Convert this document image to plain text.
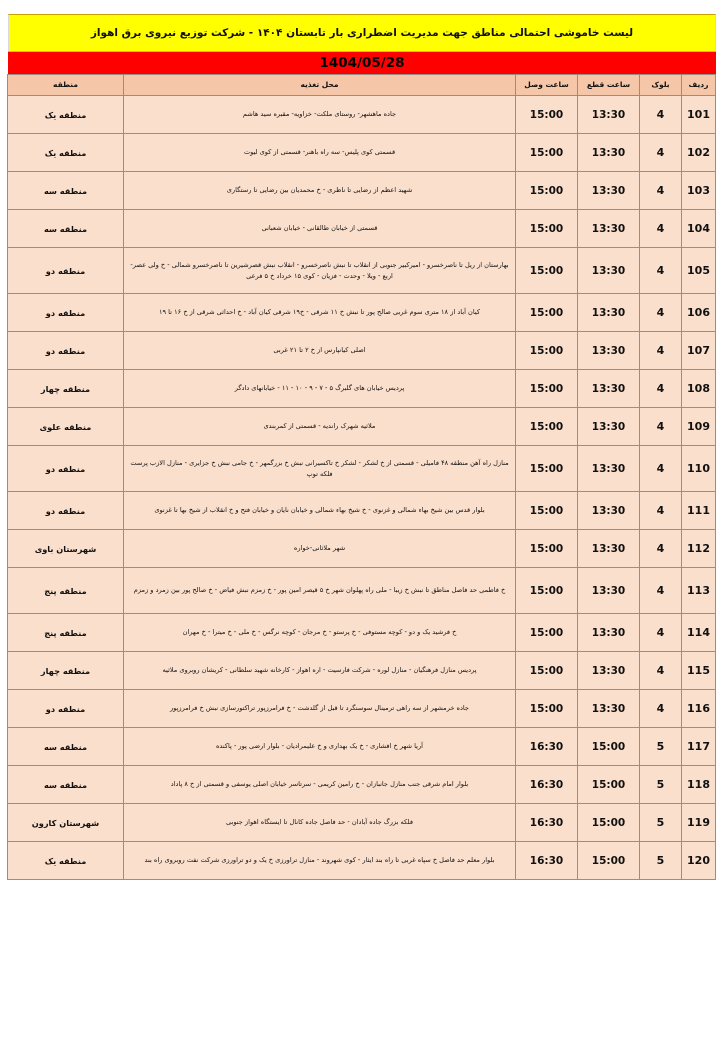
لیست خاموشی احتمالی مناطق جهت مدیریت اضطراری بار تابستان ۱۴۰۴ - شرکت توزیع نیروی برق اهواز
1404/05/28
ردیف	بلوک	ساعت قطع	ساعت وصل	محل تغذیه	منطقه
101	4	13:30	15:00	جاده ماهشهر- روستای ملکت- خزاویه- مقبره سید هاشم	منطقه یک
102	4	13:30	15:00	قسمتی کوی پلیس- سه راه باهنر- قسمتی از کوی لیوت	منطقه یک
103	4	13:30	15:00	شهید اعظم از رضایی تا ناظری - خ محمدیان بین رضایی تا رستگاری	منطقه سه
104	4	13:30	15:00	قسمتی از خیابان طالقانی - خیابان شعبانی	منطقه سه
105	4	13:30	15:00	بهارستان از ریل تا ناصرخسرو - امیرکبیر جنوبی از انقلاب تا نبش ناصرخسرو - انقلاب نبش قصرشیرین تا ناصرخسرو شمالی - خ ولی عصر- اربع - ویلا - وحدت - فزیان - کوی ۱۵ خرداد خ ۵ فرعی	منطقه دو
106	4	13:30	15:00	کیان آباد از ۱۸ متری سوم غربی صالح پور تا نبش خ ۱۱ شرقی - خ۱۹ شرقی کیان آباد - خ احداثی شرقی از خ ۱۶ تا ۱۹	منطقه دو
107	4	13:30	15:00	اصلی کیانپارس از خ ۲ تا ۲۱ غربی	منطقه دو
108	4	13:30	15:00	پردیس خیابان های گلبرگ ۵ - ۷ - ۹ - ۱۰ - ۱۱ - خیابانهای دادگر	منطقه چهار
109	4	13:30	15:00	ملاثیه شهرک راندیه - قسمتی از کمربندی	منطقه علوی
110	4	13:30	15:00	منازل راه آهن منطقه ۴۸ فامیلی - قسمتی از خ لشکر - لشکر خ تاکسیرانی نبش خ بزرگمهر - خ جامی نبش خ جزایری - منازل الازب پرست فلکه توپ	منطقه دو
111	4	13:30	15:00	بلوار قدس بین شیخ بهاء شمالی و غزنوی - خ شیخ بهاء شمالی و خیابان نایان و خیابان فتح و خ انقلاب از شیخ بها تا غزنوی	منطقه دو
112	4	13:30	15:00	شهر ملاثانی-خواره	شهرستان باوی
113	4	13:30	15:00	خ فاطمی حد فاصل مناطق تا نبش خ زیبا - ملی راه پهلوان شهر خ ۵ قیصر امین پور - خ زمزم نبش فیاض - خ صالح پور بین زمرد و زمزم	منطقه پنج
114	4	13:30	15:00	خ فرشید یک و دو - کوچه مستوفی - خ پرستو - خ مرجان - کوچه نرگس - خ ملی - خ میترا - خ مهران	منطقه پنج
115	4	13:30	15:00	پردیس منازل فرهنگیان - منازل لوره - شرکت فارسیت - اره اهواز - کارخانه شهید سلطانی - کریشان روبروی ملاثیه	منطقه چهار
116	4	13:30	15:00	جاده خرمشهر از سه راهی ترمینال سوسنگرد تا قبل از گلدشت - خ فرامرزپور تراکتورسازی نبش خ فرامرزپور	منطقه دو
117	5	15:00	16:30	آریا شهر خ افشاری - خ یک بهداری و خ علیمرادیان - بلوار ارضی پور - پاکنده	منطقه سه
118	5	15:00	16:30	بلوار امام شرقی جنب منازل جانبازان - خ رامین کریمی - سرتاسر خیابان اصلی یوسفی و قسمتی از خ ۸ پاداد	منطقه سه
119	5	15:00	16:30	فلکه بزرگ جاده آبادان - حد فاصل جاده کانال تا ایستگاه اهواز جنوبی	شهرستان کارون
120	5	15:00	16:30	بلوار معلم حد فاصل خ سپاه غربی تا راه بند ایثار - کوی شهروند - منازل تراورزی خ یک و دو تراورزی شرکت نفت روبروی راه بند	منطقه یک
